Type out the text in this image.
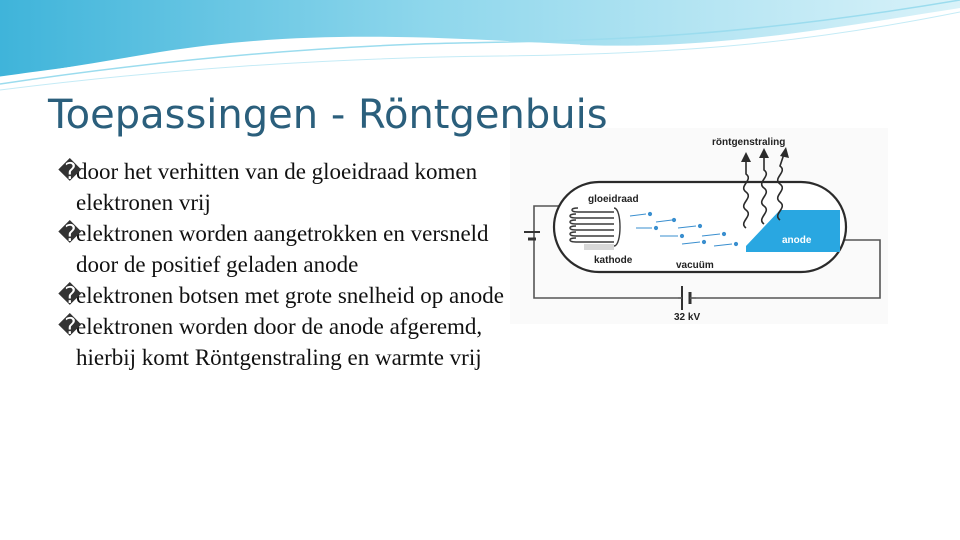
Toepassingen - Röntgenbuis
�
door het verhitten van de gloeidraad komen elektronen vrij
�
elektronen worden aangetrokken en versneld door de positief geladen anode
�
elektronen botsen met grote snelheid op anode
�
elektronen worden door de anode afgeremd, hierbij komt Röntgenstraling en warmte vrij
röntgenstraling
gloeidraad
kathode	vacuüm
anode
32 kV
